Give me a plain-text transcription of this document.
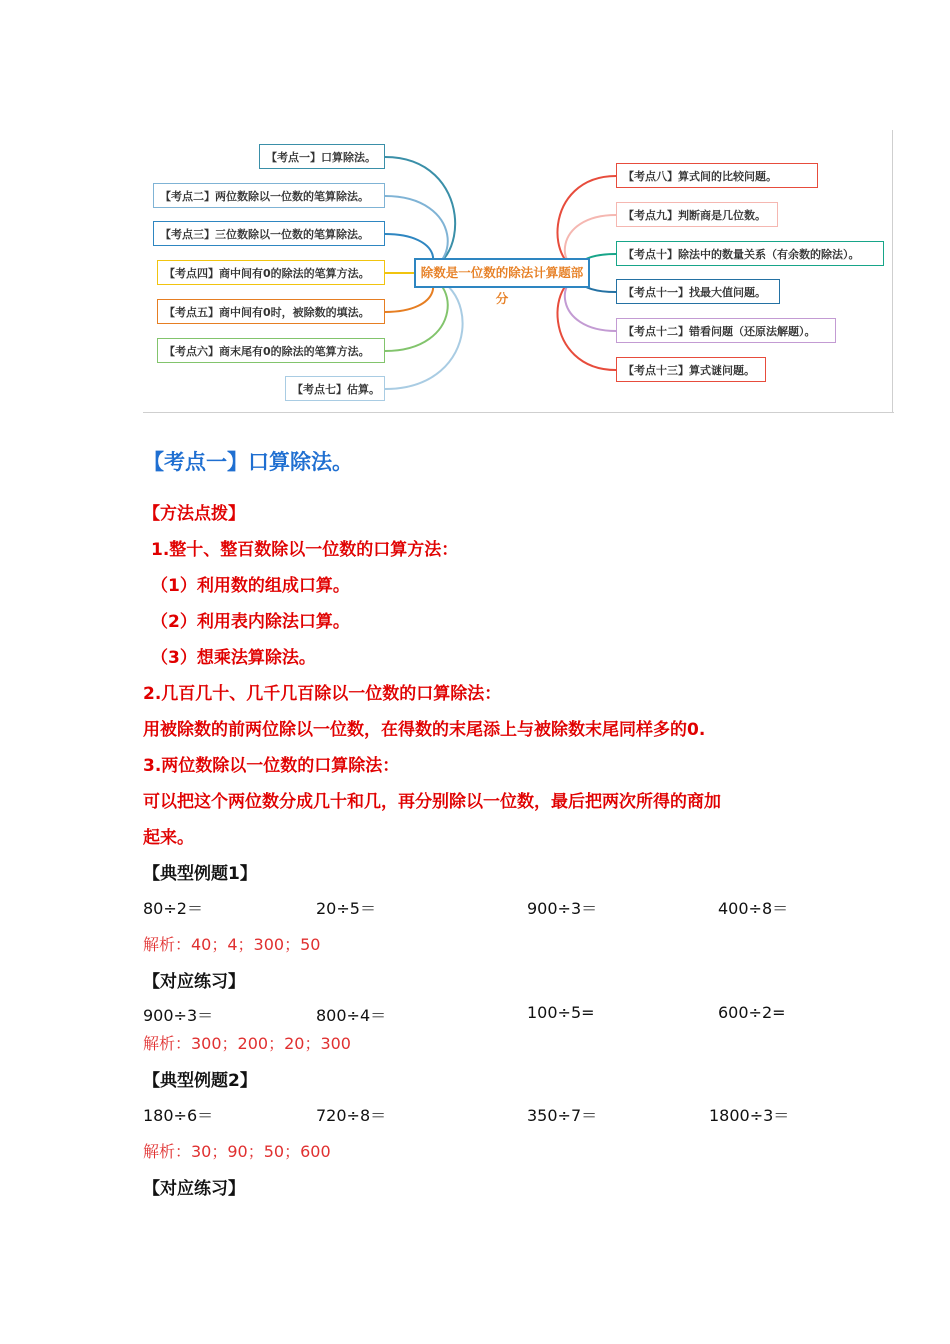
【考点一】口算除法。
【考点二】两位数除以一位数的笔算除法。
【考点三】三位数除以一位数的笔算除法。
【考点四】商中间有0的除法的笔算方法。
【考点五】商中间有0时，被除数的填法。
【考点六】商末尾有0的除法的笔算方法。
【考点七】估算。
除数是一位数的除法计算题部分
【考点八】算式间的比较问题。
【考点九】判断商是几位数。
【考点十】除法中的数量关系（有余数的除法）。
【考点十一】找最大值问题。
【考点十二】错看问题（还原法解题）。
【考点十三】算式谜问题。
【考点一】口算除法。
【方法点拨】
1.整十、整百数除以一位数的口算方法：
（1）利用数的组成口算。
（2）利用表内除法口算。
（3）想乘法算除法。
2.几百几十、几千几百除以一位数的口算除法：
用被除数的前两位除以一位数，在得数的末尾添上与被除数末尾同样多的0.
3.两位数除以一位数的口算除法：
可以把这个两位数分成几十和几，再分别除以一位数，最后把两次所得的商加
起来。
【典型例题1】
80÷2＝	20÷5＝	900÷3＝	400÷8＝
解析：40；4；300；50
【对应练习】
900÷3＝	800÷4＝	100÷5=	600÷2=
解析：300；200；20；300
【典型例题2】
180÷6＝	720÷8＝	350÷7＝	1800÷3＝
解析：30；90；50；600
【对应练习】
